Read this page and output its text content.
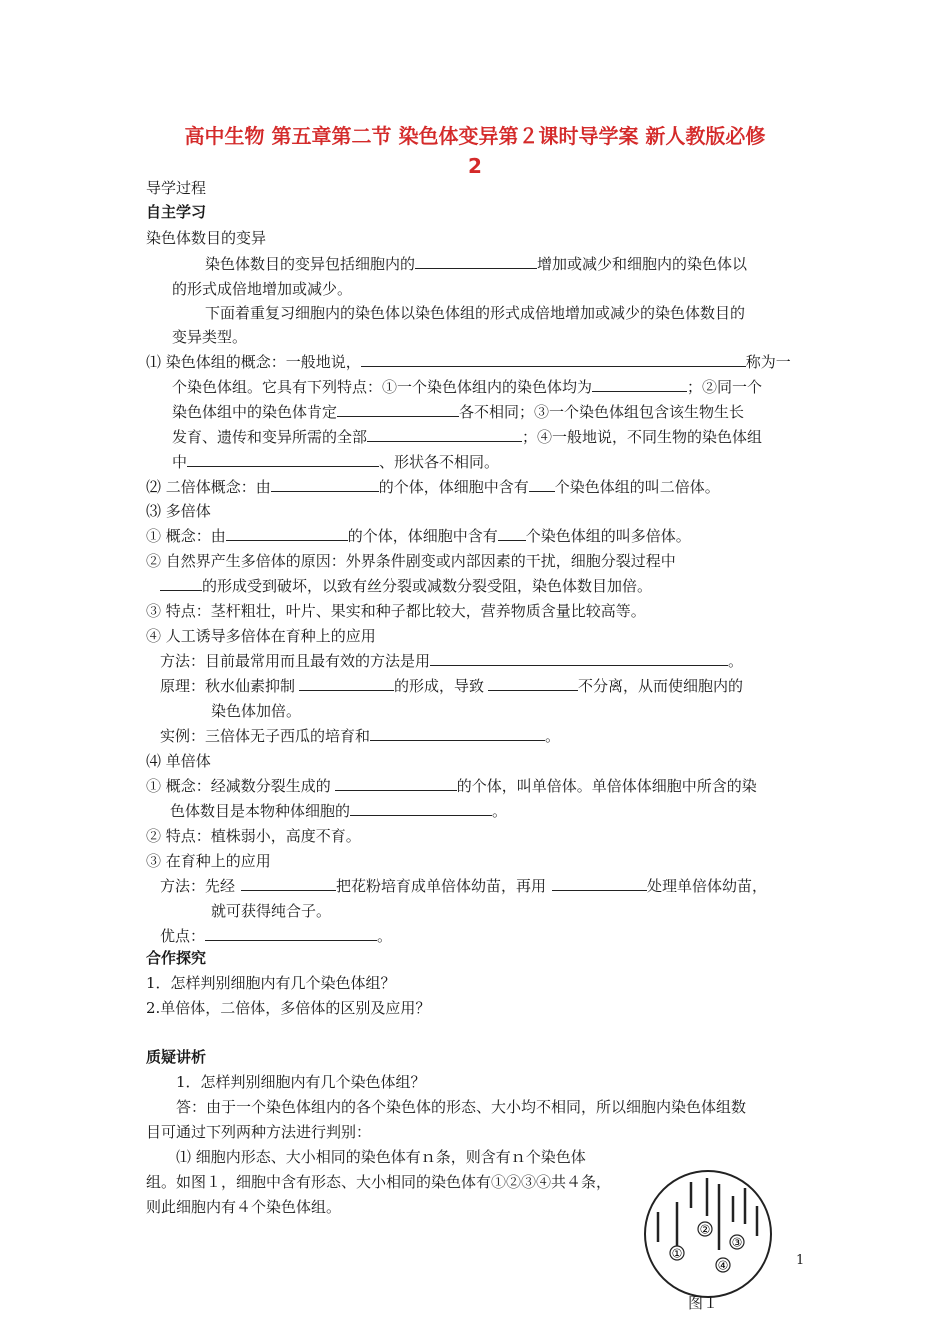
高中生物 第五章第二节 染色体变异第２课时导学案 新人教版必修
2
导学过程
自主学习
染色体数目的变异
染色体数目的变异包括细胞内的	增加或减少和细胞内的染色体以
的形式成倍地增加或减少。
下面着重复习细胞内的染色体以染色体组的形式成倍地增加或减少的染色体数目的
变异类型。
⑴ 染色体组的概念：一般地说，	称为一
个染色体组。它具有下列特点：①一个染色体组内的染色体均为	；②同一个
染色体组中的染色体肯定	各不相同；③一个染色体组包含该生物生长
发育、遗传和变异所需的全部	；④一般地说，不同生物的染色体组
中	、形状各不相同。
⑵ 二倍体概念：由	的个体，体细胞中含有 个染色体组的叫二倍体。
⑶ 多倍体
① 概念：由	的个体，体细胞中含有 个染色体组的叫多倍体。
② 自然界产生多倍体的原因：外界条件剧变或内部因素的干扰，细胞分裂过程中
的形成受到破坏，以致有丝分裂或减数分裂受阻，染色体数目加倍。
③ 特点：茎杆粗壮，叶片、果实和种子都比较大，营养物质含量比较高等。
④ 人工诱导多倍体在育种上的应用
方法：目前最常用而且最有效的方法是用	。
原理：秋水仙素抑制	的形成，导致	不分离，从而使细胞内的
染色体加倍。
实例：三倍体无子西瓜的培育和	。
⑷ 单倍体
① 概念：经减数分裂生成的	的个体，叫单倍体。单倍体体细胞中所含的染
色体数目是本物种体细胞的	。
② 特点：植株弱小，高度不育。
③ 在育种上的应用
方法：先经	把花粉培育成单倍体幼苗，再用	处理单倍体幼苗，
就可获得纯合子。
优点：	。
合作探究
1．怎样判别细胞内有几个染色体组？
2.单倍体，二倍体，多倍体的区别及应用？
质疑讲析
1．怎样判别细胞内有几个染色体组？
答：由于一个染色体组内的各个染色体的形态、大小均不相同，所以细胞内染色体组数
目可通过下列两种方法进行判别：
⑴ 细胞内形态、大小相同的染色体有ｎ条，则含有ｎ个染色体
组。如图１，细胞中含有形态、大小相同的染色体有①②③④共４条，
则此细胞内有４个染色体组。
①
②
③
④
图１
1
